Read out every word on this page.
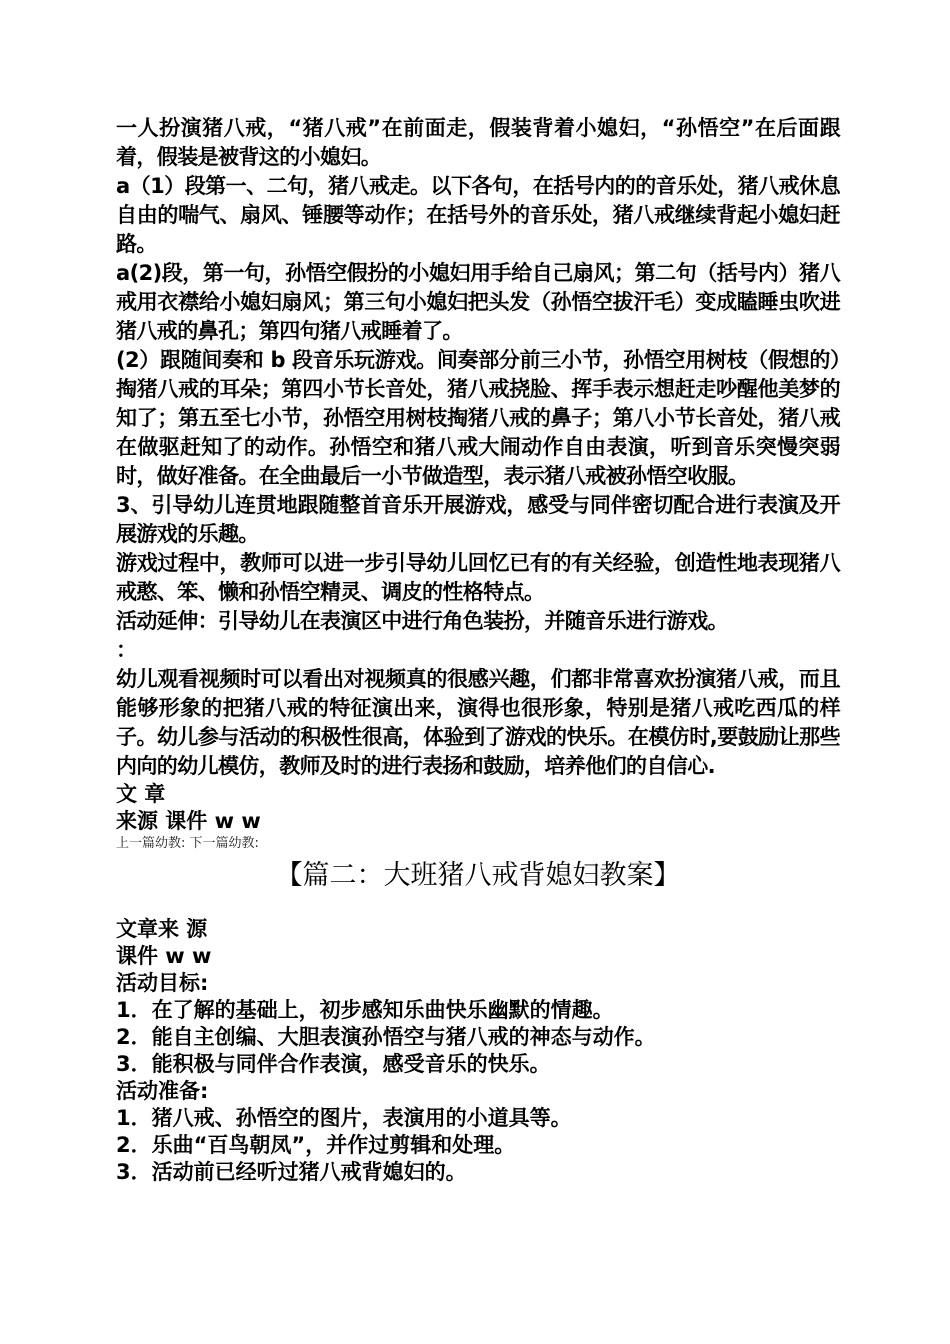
一人扮演猪八戒，“猪八戒”在前面走，假装背着小媳妇，“孙悟空”在后面跟着，假装是被背这的小媳妇。

a（1）段第一、二句，猪八戒走。以下各句，在括号内的的音乐处，猪八戒休息自由的喘气、扇风、锤腰等动作；在括号外的音乐处，猪八戒继续背起小媳妇赶路。

a(2)段，第一句，孙悟空假扮的小媳妇用手给自己扇风；第二句（括号内）猪八戒用衣襟给小媳妇扇风；第三句小媳妇把头发（孙悟空拔汗毛）变成瞌睡虫吹进猪八戒的鼻孔；第四句猪八戒睡着了。

(2）跟随间奏和 b 段音乐玩游戏。间奏部分前三小节，孙悟空用树枝（假想的）掏猪八戒的耳朵；第四小节长音处，猪八戒挠脸、挥手表示想赶走吵醒他美梦的知了；第五至七小节，孙悟空用树枝掏猪八戒的鼻子；第八小节长音处，猪八戒在做驱赶知了的动作。孙悟空和猪八戒大闹动作自由表演，听到音乐突慢突弱时，做好准备。在全曲最后一小节做造型，表示猪八戒被孙悟空收服。

3、引导幼儿连贯地跟随整首音乐开展游戏，感受与同伴密切配合进行表演及开展游戏的乐趣。

游戏过程中，教师可以进一步引导幼儿回忆已有的有关经验，创造性地表现猪八戒憨、笨、懒和孙悟空精灵、调皮的性格特点。

活动延伸：引导幼儿在表演区中进行角色装扮，并随音乐进行游戏。

：

幼儿观看视频时可以看出对视频真的很感兴趣，们都非常喜欢扮演猪八戒，而且能够形象的把猪八戒的特征演出来，演得也很形象，特别是猪八戒吃西瓜的样子。幼儿参与活动的积极性很高，体验到了游戏的快乐。在模仿时,要鼓励让那些内向的幼儿模仿，教师及时的进行表扬和鼓励，培养他们的自信心.

文 章

来源 课件 w w

上一篇幼教: 下一篇幼教:

【篇二：大班猪八戒背媳妇教案】

文章来 源

课件 w w

活动目标:

1．在了解的基础上，初步感知乐曲快乐幽默的情趣。

2．能自主创编、大胆表演孙悟空与猪八戒的神态与动作。

3．能积极与同伴合作表演，感受音乐的快乐。

活动准备:

1．猪八戒、孙悟空的图片，表演用的小道具等。

2．乐曲“百鸟朝凤”，并作过剪辑和处理。

3．活动前已经听过猪八戒背媳妇的。
